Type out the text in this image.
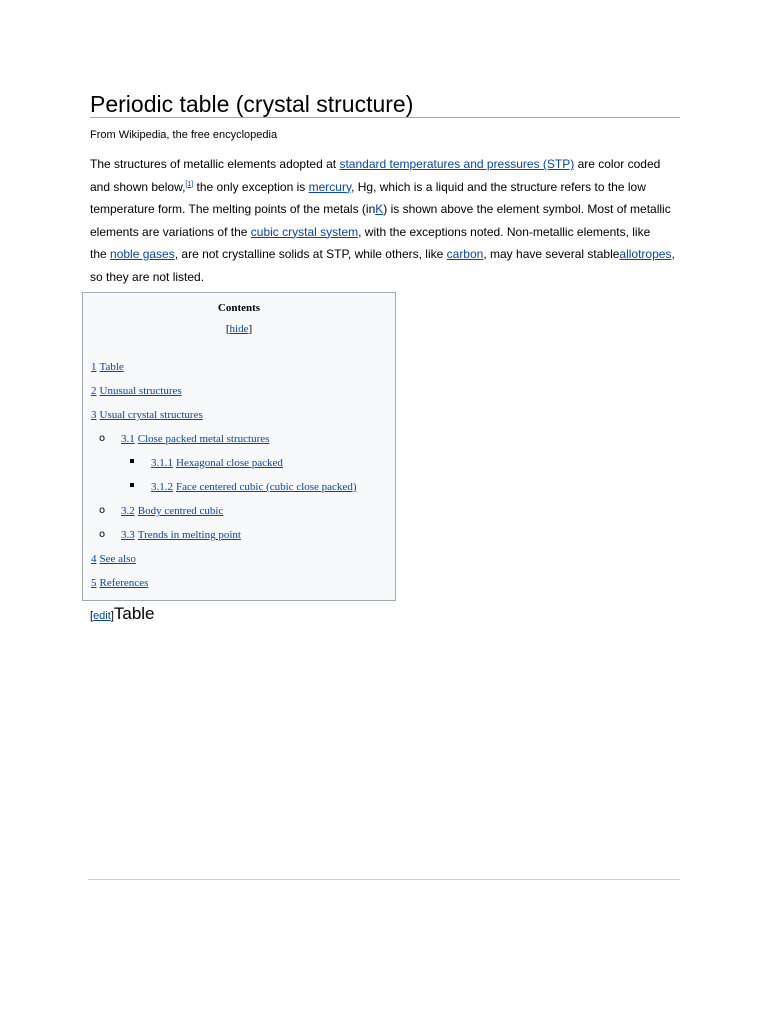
Periodic table (crystal structure)
From Wikipedia, the free encyclopedia

The structures of metallic elements adopted at standard temperatures and pressures (STP) are color coded
and shown below,[1] the only exception is mercury, Hg, which is a liquid and the structure refers to the low
temperature form. The melting points of the metals (inK) is shown above the element symbol. Most of metallic
elements are variations of the cubic crystal system, with the exceptions noted. Non-metallic elements, like
the noble gases, are not crystalline solids at STP, while others, like carbon, may have several stableallotropes,
so they are not listed.

Contents
[hide]
1 Table
2 Unusual structures
3 Usual crystal structures
o 3.1 Close packed metal structures
3.1.1 Hexagonal close packed
3.1.2 Face centered cubic (cubic close packed)
o 3.2 Body centred cubic
o 3.3 Trends in melting point
4 See also
5 References
[edit]Table
